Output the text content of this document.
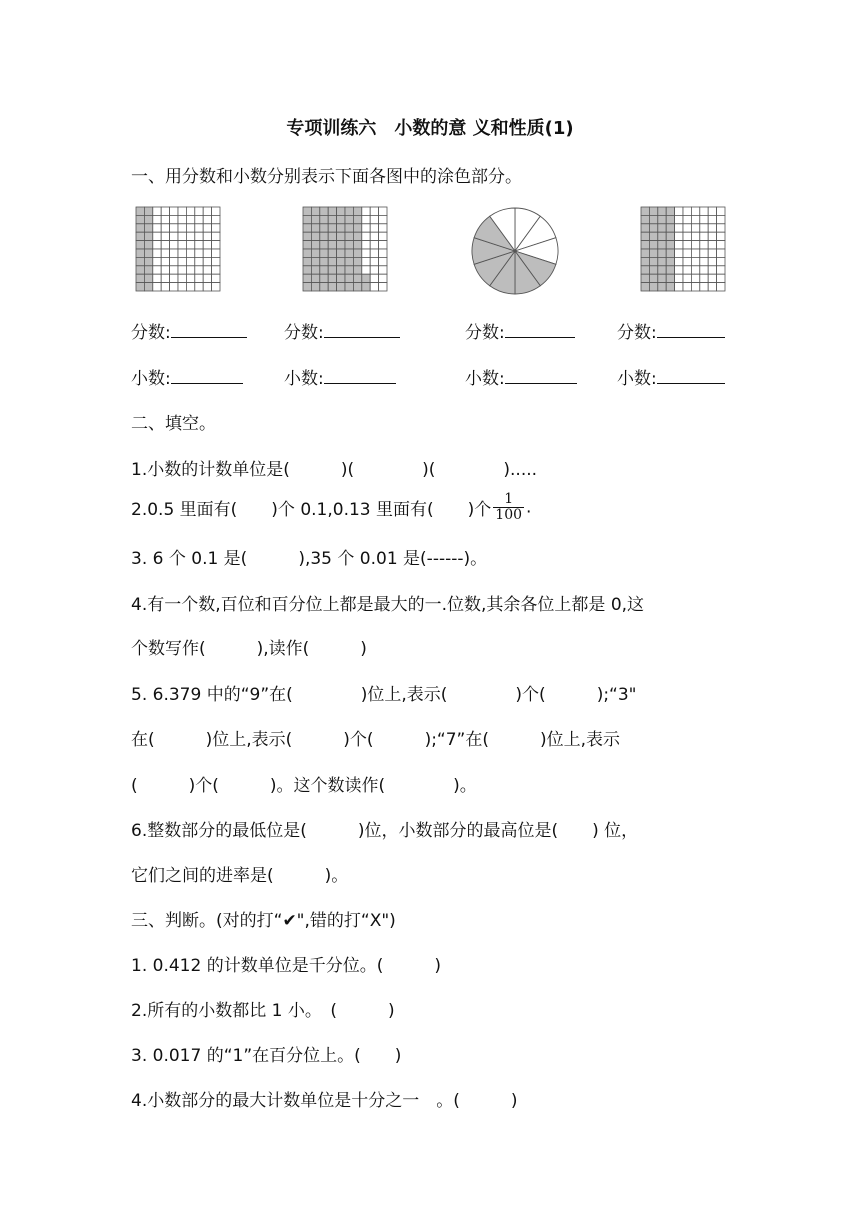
专项训练六　小数的意 义和性质(1)
一、用分数和小数分别表示下面各图中的涂色部分。
分数:	分数:	分数:	分数:
小数:	小数:	小数:	小数:
二、填空。
1.小数的计数单位是(　　　)(　　　　)(　　　　).....
2.0.5 里面有(　　)个 0.1,0.13 里面有(　　)个 $\frac{1}{100}$ .
3. 6 个 0.1 是(　　　),35 个 0.01 是(------)。
4.有一个数,百位和百分位上都是最大的一.位数,其余各位上都是 0,这
个数写作(　　　),读作(　　　)
5. 6.379 中的“9”在(　　　　)位上,表示(　　　　)个(　　　);“3"
在(　　　)位上,表示(　　　)个(　　　);“7”在(　　　)位上,表示
(　　　)个(　　　)。这个数读作(　　　　)。
6.整数部分的最低位是(　　　)位，小数部分的最高位是(　　) 位，
它们之间的进率是(　　　)。
三、判断。(对的打“✔",错的打“X")
1. 0.412 的计数单位是千分位。(　　　)
2.所有的小数都比 1 小。　(　　　)
3. 0.017 的“1”在百分位上。(　　)
4.小数部分的最大计数单位是十分之一　。(　　　)
